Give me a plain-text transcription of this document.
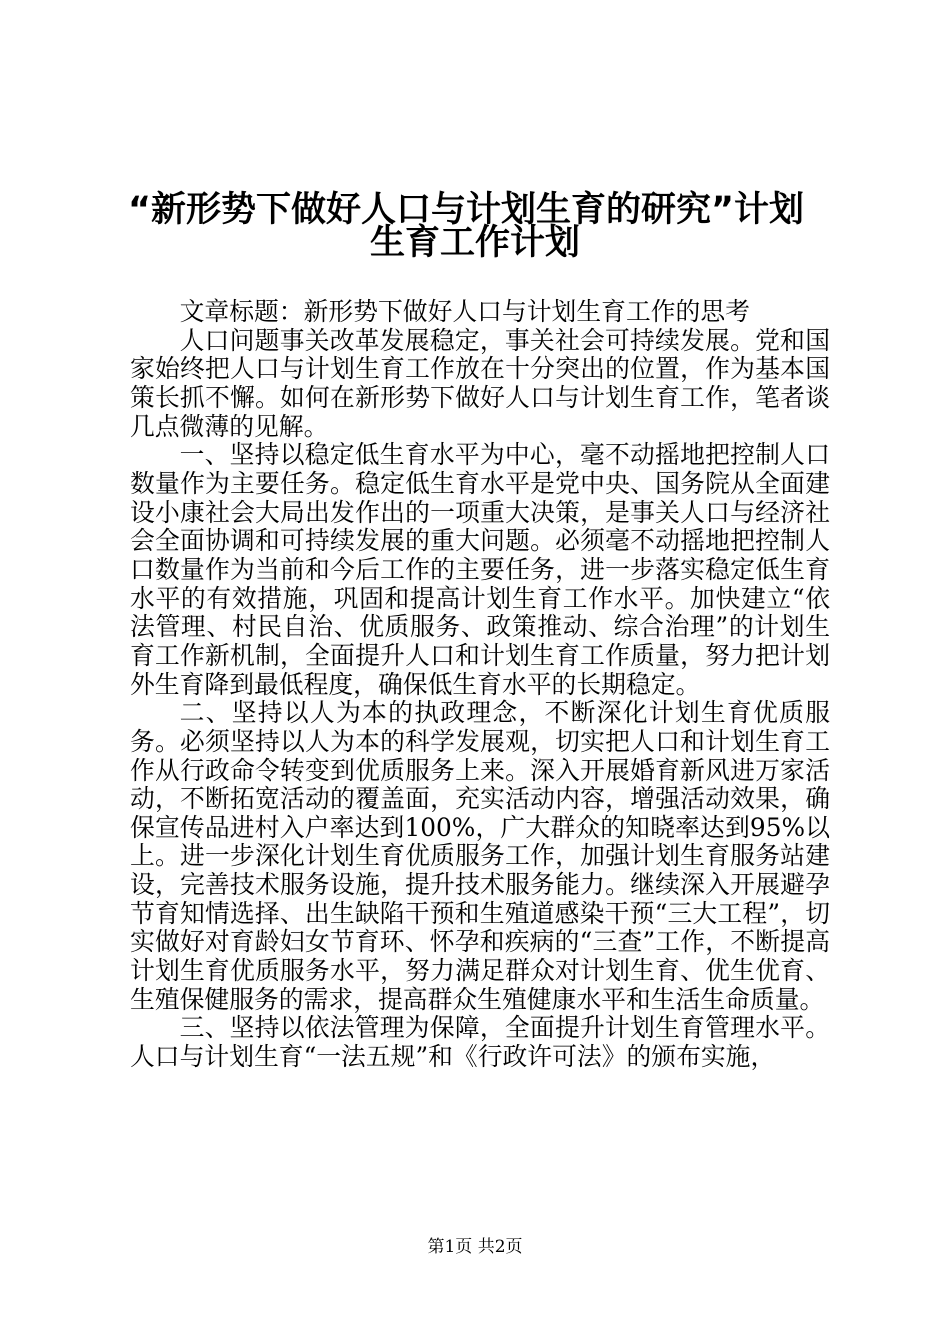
“新形势下做好人口与计划生育的研究”计划
生育工作计划

文章标题：新形势下做好人口与计划生育工作的思考

人口问题事关改革发展稳定，事关社会可持续发展。党和国家始终把人口与计划生育工作放在十分突出的位置，作为基本国策长抓不懈。如何在新形势下做好人口与计划生育工作，笔者谈几点微薄的见解。

一、坚持以稳定低生育水平为中心，毫不动摇地把控制人口数量作为主要任务。稳定低生育水平是党中央、国务院从全面建设小康社会大局出发作出的一项重大决策，是事关人口与经济社会全面协调和可持续发展的重大问题。必须毫不动摇地把控制人口数量作为当前和今后工作的主要任务，进一步落实稳定低生育水平的有效措施，巩固和提高计划生育工作水平。加快建立“依法管理、村民自治、优质服务、政策推动、综合治理”的计划生育工作新机制，全面提升人口和计划生育工作质量，努力把计划外生育降到最低程度，确保低生育水平的长期稳定。

二、坚持以人为本的执政理念，不断深化计划生育优质服务。必须坚持以人为本的科学发展观，切实把人口和计划生育工作从行政命令转变到优质服务上来。深入开展婚育新风进万家活动，不断拓宽活动的覆盖面，充实活动内容，增强活动效果，确保宣传品进村入户率达到100%，广大群众的知晓率达到95%以上。进一步深化计划生育优质服务工作，加强计划生育服务站建设，完善技术服务设施，提升技术服务能力。继续深入开展避孕节育知情选择、出生缺陷干预和生殖道感染干预“三大工程”，切实做好对育龄妇女节育环、怀孕和疾病的“三查”工作，不断提高计划生育优质服务水平，努力满足群众对计划生育、优生优育、生殖保健服务的需求，提高群众生殖健康水平和生活生命质量。

三、坚持以依法管理为保障，全面提升计划生育管理水平。人口与计划生育“一法五规”和《行政许可法》的颁布实施，

第1页 共2页
